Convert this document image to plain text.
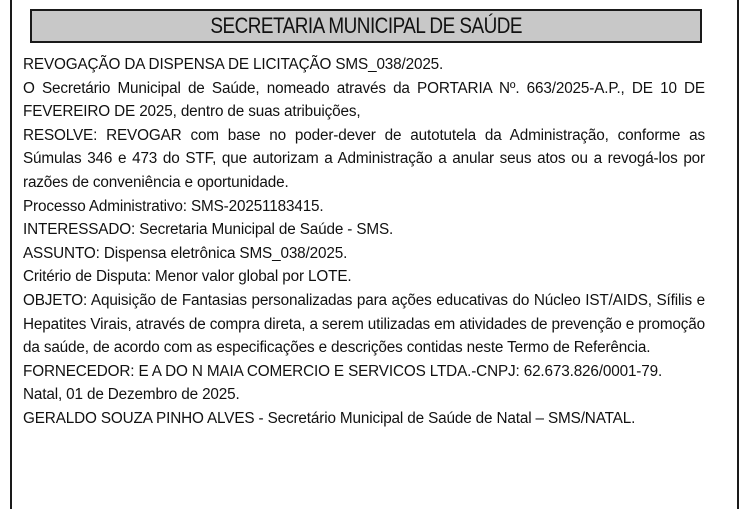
SECRETARIA MUNICIPAL DE SAÚDE

REVOGAÇÃO DA DISPENSA DE LICITAÇÃO SMS_038/2025.

O Secretário Municipal de Saúde, nomeado através da PORTARIA Nº. 663/2025-A.P., DE 10 DE FEVEREIRO DE 2025, dentro de suas atribuições,

RESOLVE: REVOGAR com base no poder-dever de autotutela da Administração, conforme as Súmulas 346 e 473 do STF, que autorizam a Administração a anular seus atos ou a revogá-los por razões de conveniência e oportunidade.

Processo Administrativo: SMS-20251183415.

INTERESSADO: Secretaria Municipal de Saúde - SMS.

ASSUNTO: Dispensa eletrônica SMS_038/2025.

Critério de Disputa: Menor valor global por LOTE.

OBJETO: Aquisição de Fantasias personalizadas para ações educativas do Núcleo IST/AIDS, Sífilis e Hepatites Virais, através de compra direta, a serem utilizadas em atividades de prevenção e promoção da saúde, de acordo com as especificações e descrições contidas neste Termo de Referência.

FORNECEDOR: E A DO N MAIA COMERCIO E SERVICOS LTDA.-CNPJ: 62.673.826/0001-79.

Natal, 01 de Dezembro de 2025.

GERALDO SOUZA PINHO ALVES - Secretário Municipal de Saúde de Natal – SMS/NATAL.
